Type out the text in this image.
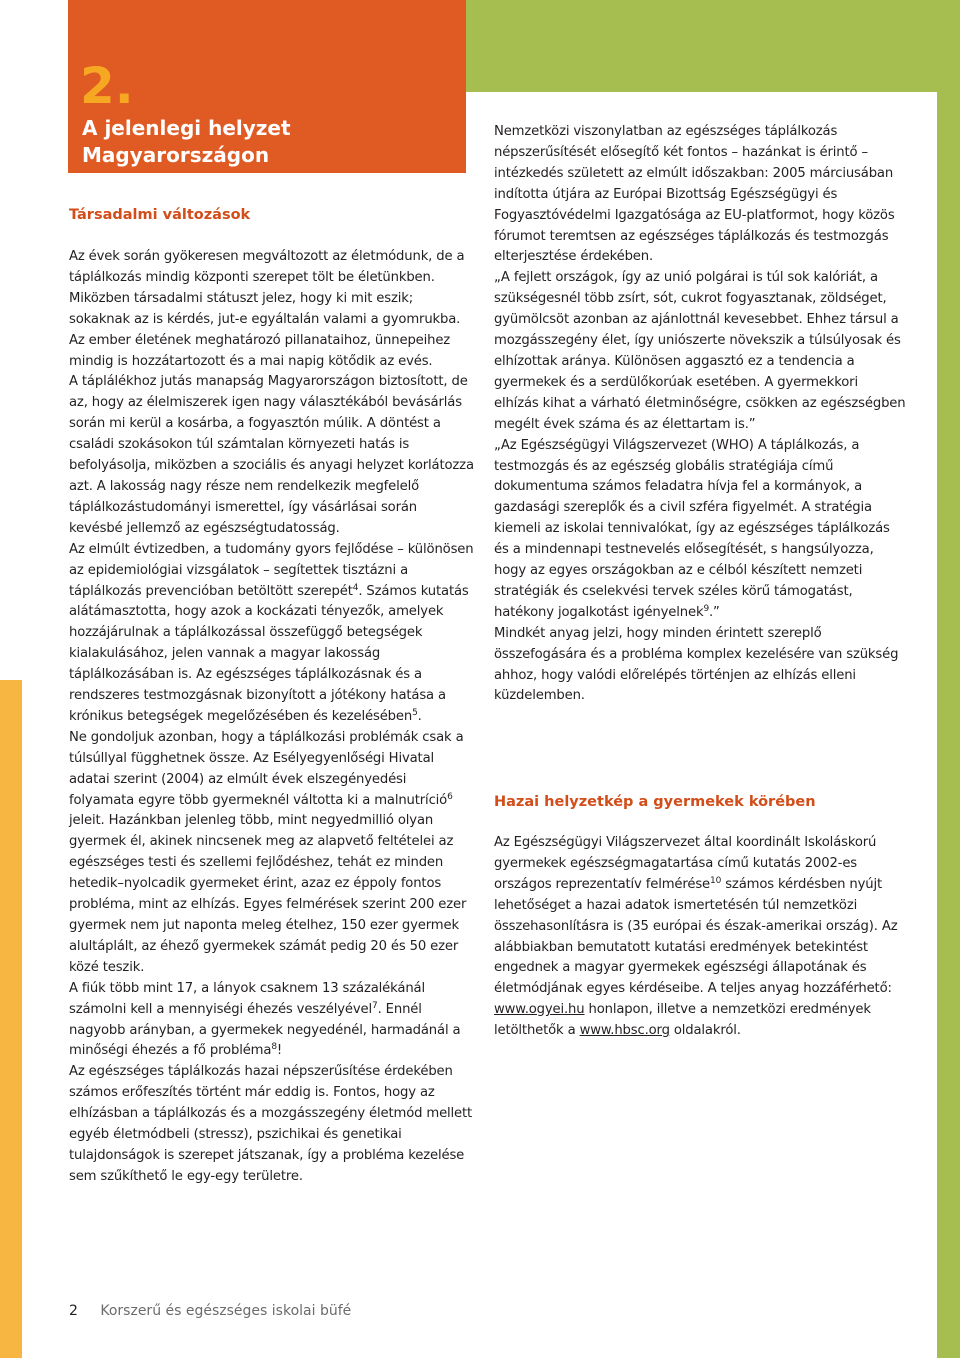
2.
A jelenlegi helyzet
Magyarországon
Társadalmi változások

Az évek során gyökeresen megváltozott az életmódunk, de a táplálkozás mindig központi szerepet tölt be életünkben. Miközben társadalmi státuszt jelez, hogy ki mit eszik; sokaknak az is kérdés, jut-e egyáltalán valami a gyomrukba. Az ember életének meghatározó pillanataihoz, ünnepeihez mindig is hozzátartozott és a mai napig kötődik az evés.

A táplálékhoz jutás manapság Magyarországon biztosított, de az, hogy az élelmiszerek igen nagy választékából bevásárlás során mi kerül a kosárba, a fogyasztón múlik. A döntést a családi szokásokon túl számtalan környezeti hatás is befolyásolja, miközben a szociális és anyagi helyzet korlátozza azt. A lakosság nagy része nem rendelkezik megfelelő táplálkozástudományi ismerettel, így vásárlásai során kevésbé jellemző az egészségtudatosság.

Az elmúlt évtizedben, a tudomány gyors fejlődése – különösen az epidemiológiai vizsgálatok – segítettek tisztázni a táplálkozás prevencióban betöltött szerepét$^4$. Számos kutatás alátámasztotta, hogy azok a kockázati tényezők, amelyek hozzájárulnak a táplálkozással összefüggő betegségek kialakulásához, jelen vannak a magyar lakosság táplálkozásában is. Az egészséges táplálkozásnak és a rendszeres testmozgásnak bizonyított a jótékony hatása a krónikus betegségek megelőzésében és kezelésében$^5$.

Ne gondoljuk azonban, hogy a táplálkozási problémák csak a túlsúllyal függhetnek össze. Az Esélyegyenlőségi Hivatal adatai szerint (2004) az elmúlt évek elszegényedési folyamata egyre több gyermeknél váltotta ki a malnutríció$^6$ jeleit. Hazánkban jelenleg több, mint negyedmillió olyan gyermek él, akinek nincsenek meg az alapvető feltételei az egészséges testi és szellemi fejlődéshez, tehát ez minden hetedik–nyolcadik gyermeket érint, azaz ez éppoly fontos probléma, mint az elhízás. Egyes felmérések szerint 200 ezer gyermek nem jut naponta meleg ételhez, 150 ezer gyermek alultáplált, az éhező gyermekek számát pedig 20 és 50 ezer közé teszik.

A fiúk több mint 17, a lányok csaknem 13 százalékánál számolni kell a mennyiségi éhezés veszélyével$^7$. Ennél nagyobb arányban, a gyermekek negyedénél, harmadánál a minőségi éhezés a fő probléma$^8$!

Az egészséges táplálkozás hazai népszerűsítése érdekében számos erőfeszítés történt már eddig is. Fontos, hogy az elhízásban a táplálkozás és a mozgásszegény életmód mellett egyéb életmódbeli (stressz), pszichikai és genetikai tulajdonságok is szerepet játszanak, így a probléma kezelése sem szűkíthető le egy-egy területre.

Nemzetközi viszonylatban az egészséges táplálkozás népszerűsítését elősegítő két fontos – hazánkat is érintő – intézkedés született az elmúlt időszakban: 2005 márciusában indította útjára az Európai Bizottság Egészségügyi és Fogyasztóvédelmi Igazgatósága az EU-platformot, hogy közös fórumot teremtsen az egészséges táplálkozás és testmozgás elterjesztése érdekében.

„A fejlett országok, így az unió polgárai is túl sok kalóriát, a szükségesnél több zsírt, sót, cukrot fogyasztanak, zöldséget, gyümölcsöt azonban az ajánlottnál kevesebbet. Ehhez társul a mozgásszegény élet, így uniószerte növekszik a túlsúlyosak és elhízottak aránya. Különösen aggasztó ez a tendencia a gyermekek és a serdülőkorúak esetében. A gyermekkori elhízás kihat a várható életminőségre, csökken az egészségben megélt évek száma és az élettartam is.”

„Az Egészségügyi Világszervezet (WHO) A táplálkozás, a testmozgás és az egészség globális stratégiája című dokumentuma számos feladatra hívja fel a kormányok, a gazdasági szereplők és a civil szféra figyelmét. A stratégia kiemeli az iskolai tennivalókat, így az egészséges táplálkozás és a mindennapi testnevelés elősegítését, s hangsúlyozza, hogy az egyes országokban az e célból készített nemzeti stratégiák és cselekvési tervek széles körű támogatást, hatékony jogalkotást igényelnek$^9$.”

Mindkét anyag jelzi, hogy minden érintett szereplő összefogására és a probléma komplex kezelésére van szükség ahhoz, hogy valódi előrelépés történjen az elhízás elleni küzdelemben.

Hazai helyzetkép a gyermekek körében

Az Egészségügyi Világszervezet által koordinált Iskoláskorú gyermekek egészségmagatartása című kutatás 2002-es országos reprezentatív felmérése$^{10}$ számos kérdésben nyújt lehetőséget a hazai adatok ismertetésén túl nemzetközi összehasonlításra is (35 európai és észak-amerikai ország). Az alábbiakban bemutatott kutatási eredmények betekintést engednek a magyar gyermekek egészségi állapotának és életmódjának egyes kérdéseibe. A teljes anyag hozzáférhető: www.ogyei.hu honlapon, illetve a nemzetközi eredmények letölthetők a www.hbsc.org oldalakról.

2 Korszerű és egészséges iskolai büfé
